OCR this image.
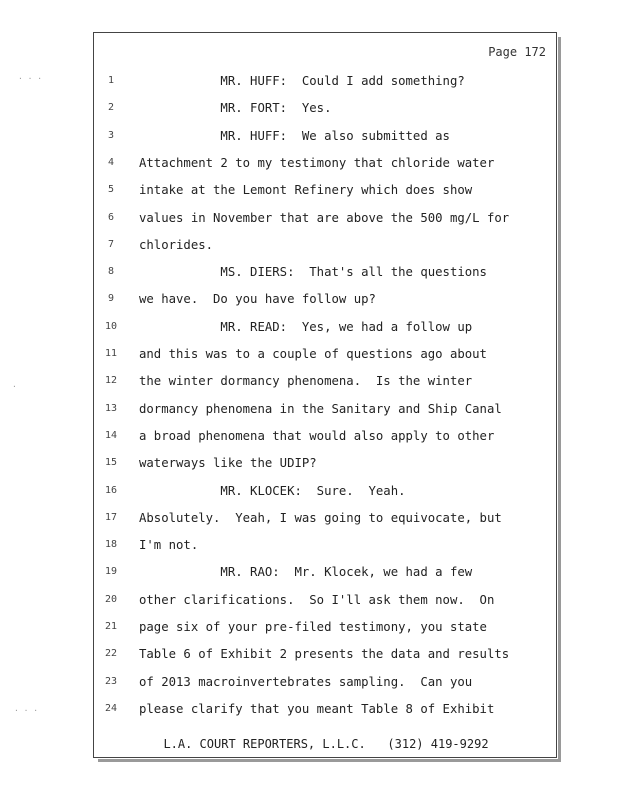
Page 172
1	MR. HUFF:  Could I add something?
2	MR. FORT:  Yes.
3	MR. HUFF:  We also submitted as
4	Attachment 2 to my testimony that chloride water
5	intake at the Lemont Refinery which does show
6	values in November that are above the 500 mg/L for
7	chlorides.
8	MS. DIERS:  That's all the questions
9	we have.  Do you have follow up?
10 MR. READ:  Yes, we had a follow up
11 and this was to a couple of questions ago about
12 the winter dormancy phenomena.  Is the winter
13 dormancy phenomena in the Sanitary and Ship Canal
14 a broad phenomena that would also apply to other
15 waterways like the UDIP?
16 MR. KLOCEK:  Sure.  Yeah.
17 Absolutely.  Yeah, I was going to equivocate, but
18 I'm not.
19 MR. RAO:  Mr. Klocek, we had a few
20 other clarifications.  So I'll ask them now.  On
21 page six of your pre-filed testimony, you state
22 Table 6 of Exhibit 2 presents the data and results
23 of 2013 macroinvertebrates sampling.  Can you
24 please clarify that you meant Table 8 of Exhibit
L.A. COURT REPORTERS, L.L.C.   (312) 419-9292
· · ·
·
· · ·
